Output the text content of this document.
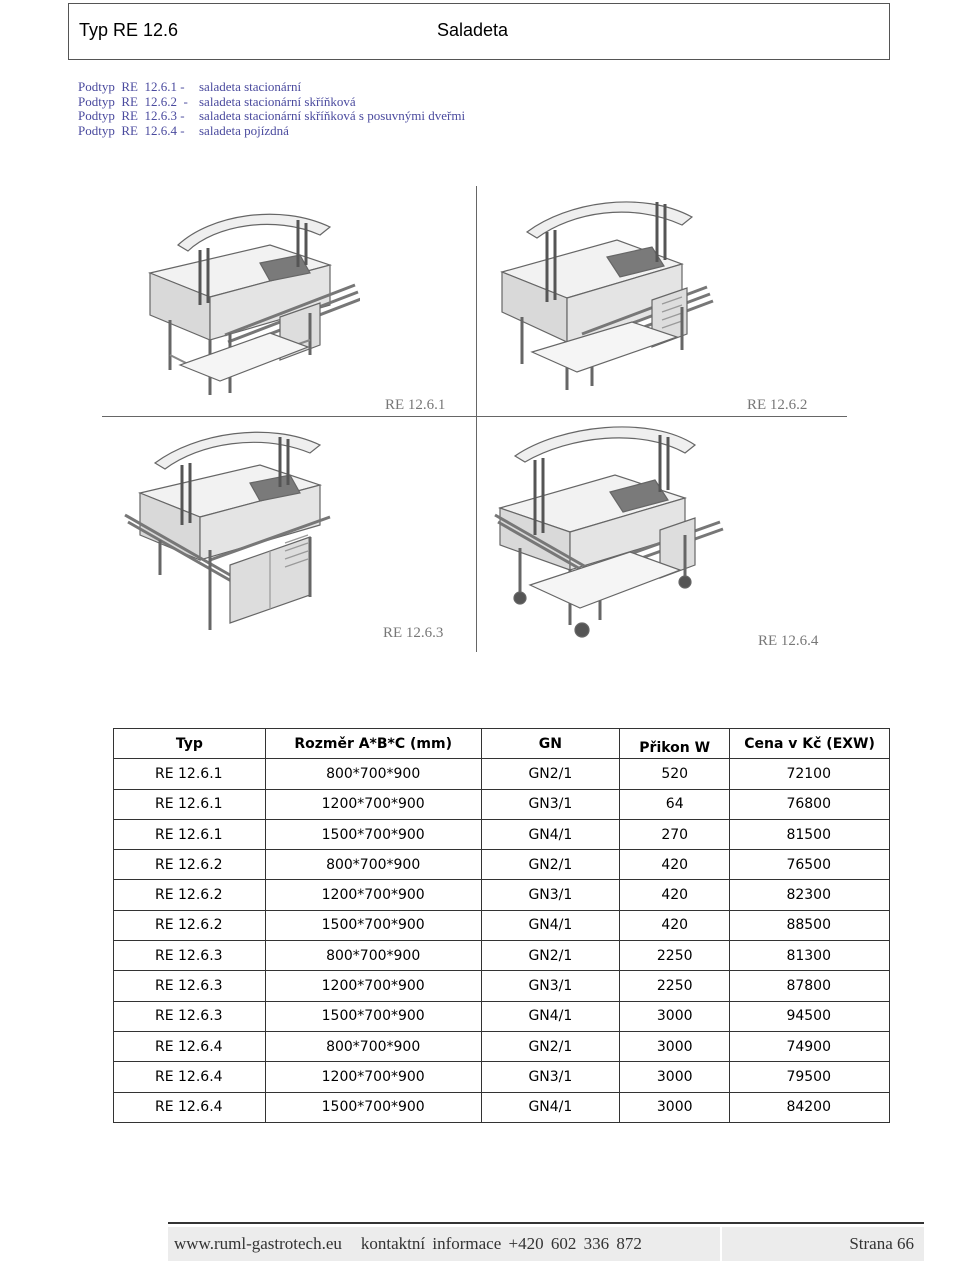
Typ RE 12.6	Saladeta
Podtyp  RE  12.6.1 -	saladeta stacionární
Podtyp  RE  12.6.2  - saladeta stacionární skříňková
Podtyp  RE  12.6.3 -	saladeta stacionární skříňková s posuvnými dveřmi
Podtyp  RE  12.6.4 -	saladeta pojízdná
RE 12.6.1	RE 12.6.2
RE 12.6.3	RE 12.6.4
Typ	Rozměr A*B*C (mm)	GN	Přikon W	Cena v Kč (EXW)
RE 12.6.1	800*700*900	GN2/1	520	72100
RE 12.6.1	1200*700*900	GN3/1	64	76800
RE 12.6.1	1500*700*900	GN4/1	270	81500
RE 12.6.2	800*700*900	GN2/1	420	76500
RE 12.6.2	1200*700*900	GN3/1	420	82300
RE 12.6.2	1500*700*900	GN4/1	420	88500
RE 12.6.3	800*700*900	GN2/1	2250	81300
RE 12.6.3	1200*700*900	GN3/1	2250	87800
RE 12.6.3	1500*700*900	GN4/1	3000	94500
RE 12.6.4	800*700*900	GN2/1	3000	74900
RE 12.6.4	1200*700*900	GN3/1	3000	79500
RE 12.6.4	1500*700*900	GN4/1	3000	84200
www.ruml-gastrotech.eu kontaktní informace +420 602 336 872	Strana 66
